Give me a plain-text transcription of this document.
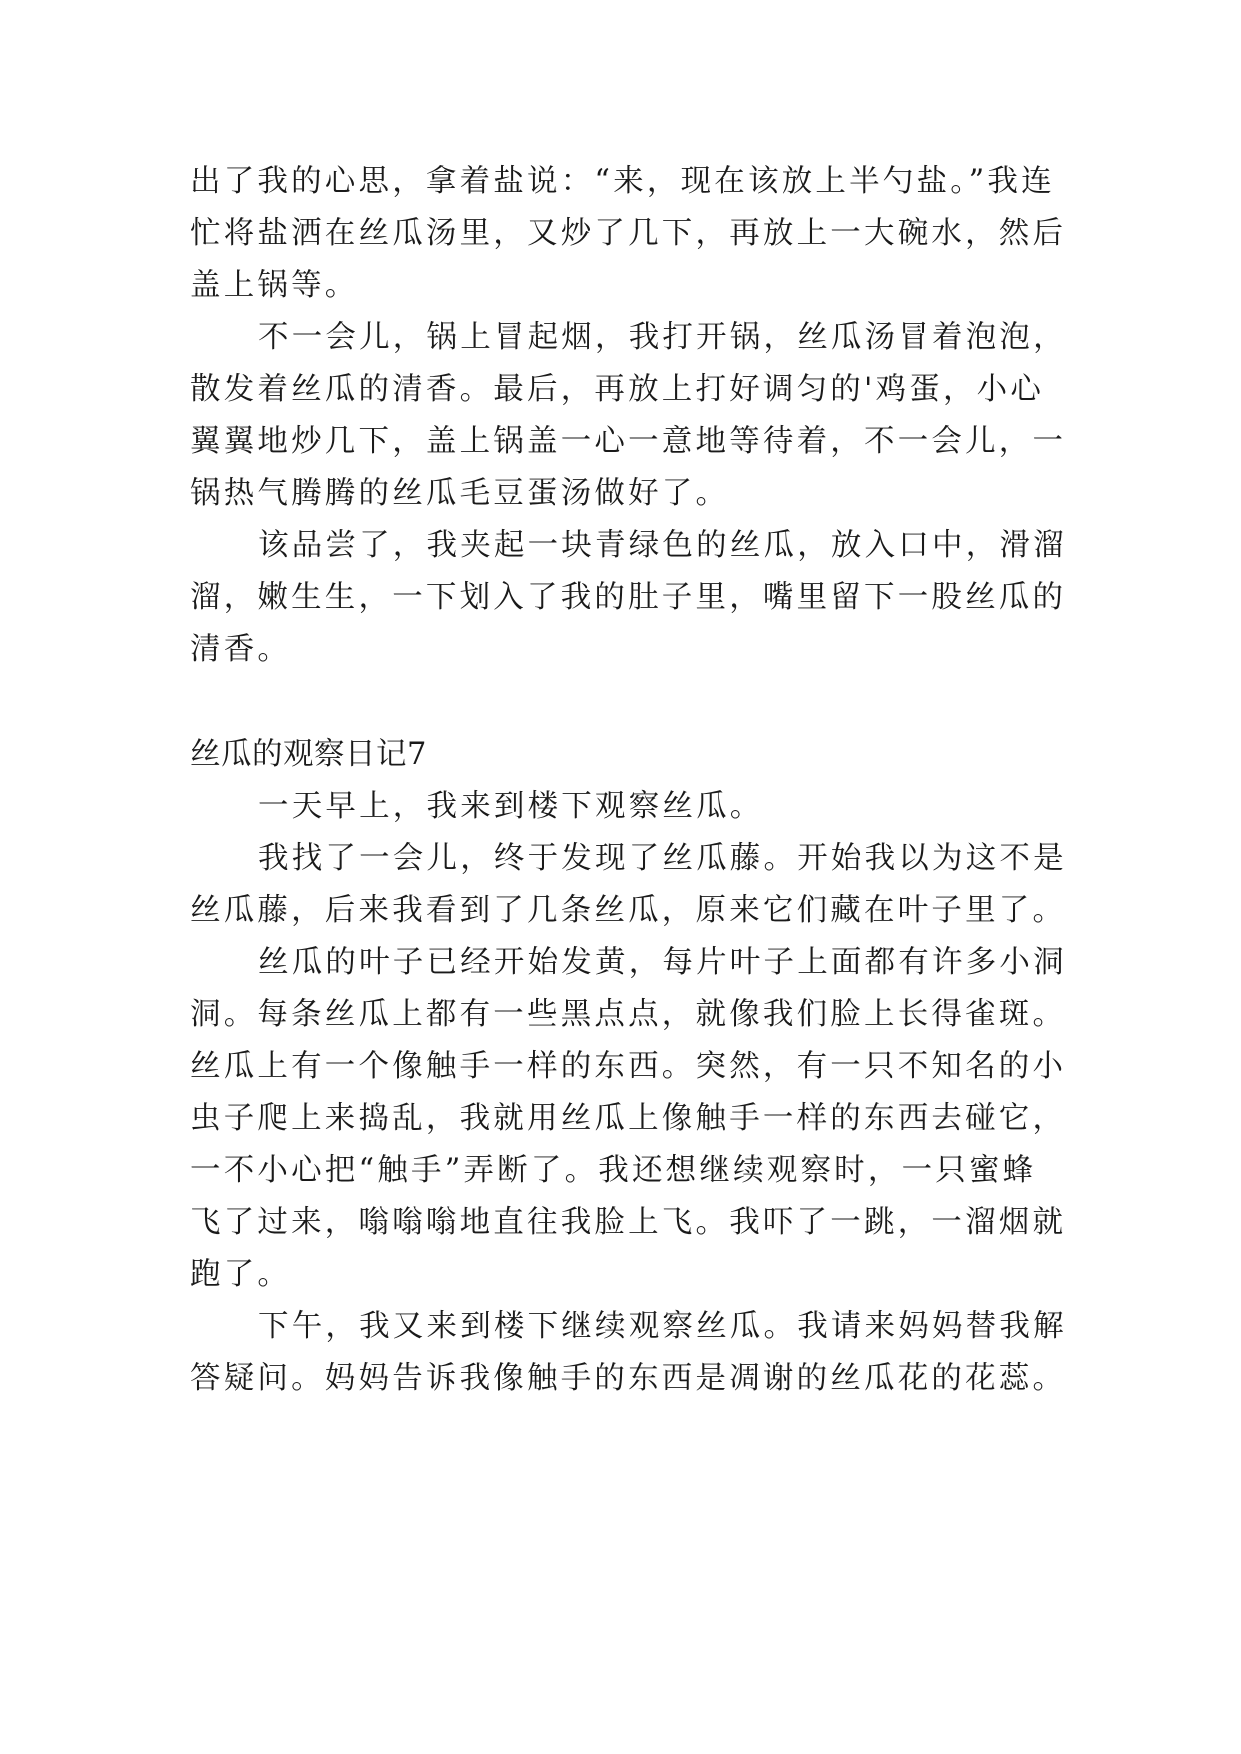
出了我的心思，拿着盐说：“来，现在该放上半勺盐。”我连
忙将盐洒在丝瓜汤里，又炒了几下，再放上一大碗水，然后
盖上锅等。
不一会儿，锅上冒起烟，我打开锅，丝瓜汤冒着泡泡，
散发着丝瓜的清香。最后，再放上打好调匀的'鸡蛋，小心
翼翼地炒几下，盖上锅盖一心一意地等待着，不一会儿，一
锅热气腾腾的丝瓜毛豆蛋汤做好了。
该品尝了，我夹起一块青绿色的丝瓜，放入口中，滑溜
溜，嫩生生，一下划入了我的肚子里，嘴里留下一股丝瓜的
清香。
丝瓜的观察日记7
一天早上，我来到楼下观察丝瓜。
我找了一会儿，终于发现了丝瓜藤。开始我以为这不是
丝瓜藤，后来我看到了几条丝瓜，原来它们藏在叶子里了。
丝瓜的叶子已经开始发黄，每片叶子上面都有许多小洞
洞。每条丝瓜上都有一些黑点点，就像我们脸上长得雀斑。
丝瓜上有一个像触手一样的东西。突然，有一只不知名的小
虫子爬上来捣乱，我就用丝瓜上像触手一样的东西去碰它，
一不小心把“触手”弄断了。我还想继续观察时，一只蜜蜂
飞了过来，嗡嗡嗡地直往我脸上飞。我吓了一跳，一溜烟就
跑了。
下午，我又来到楼下继续观察丝瓜。我请来妈妈替我解
答疑问。妈妈告诉我像触手的东西是凋谢的丝瓜花的花蕊。
